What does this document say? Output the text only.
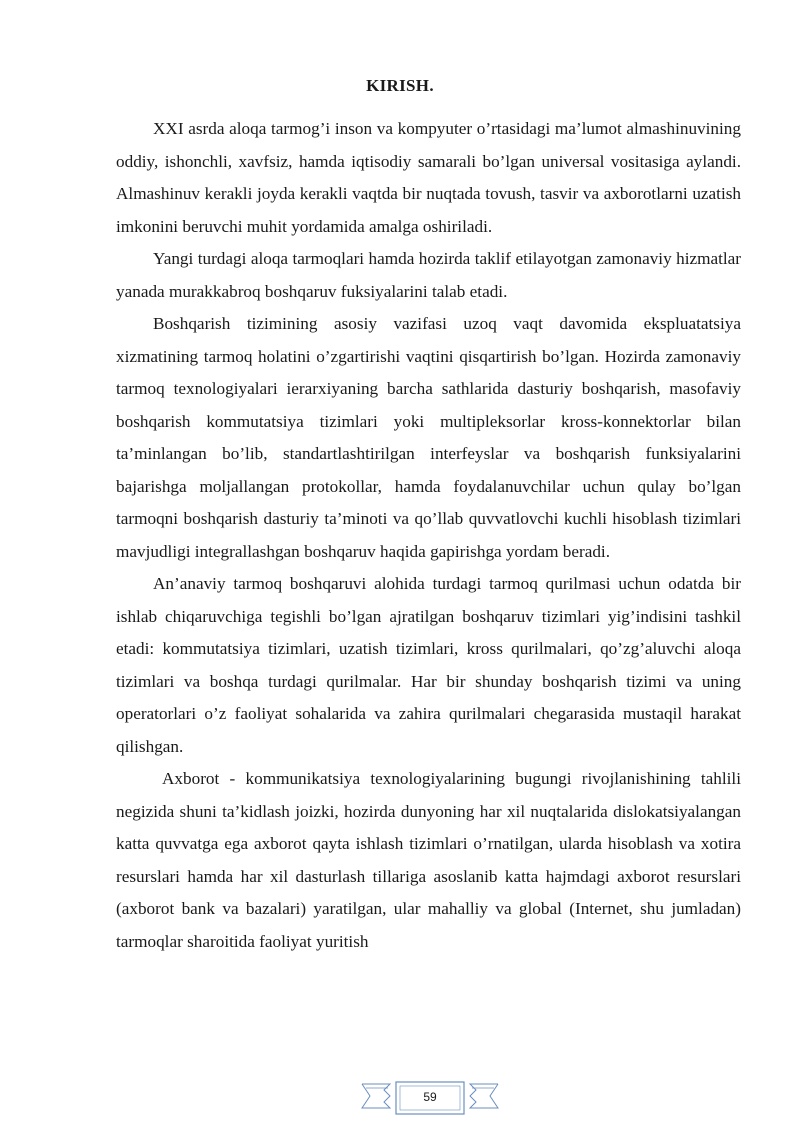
KIRISH.

XXI asrda aloqa tarmog’i inson va kompyuter o’rtasidagi ma’lumot almashinuvining oddiy, ishonchli, xavfsiz, hamda iqtisodiy samarali bo’lgan universal vositasiga aylandi. Almashinuv kerakli joyda kerakli vaqtda bir nuqtada tovush, tasvir va axborotlarni uzatish imkonini beruvchi muhit yordamida amalga oshiriladi.

Yangi turdagi aloqa tarmoqlari hamda hozirda taklif etilayotgan zamonaviy hizmatlar yanada murakkabroq boshqaruv fuksiyalarini talab etadi.

Boshqarish tizimining asosiy vazifasi uzoq vaqt davomida ekspluatatsiya xizmatining tarmoq holatini o’zgartirishi vaqtini qisqartirish bo’lgan. Hozirda zamonaviy tarmoq texnologiyalari ierarxiyaning barcha sathlarida dasturiy boshqarish, masofaviy boshqarish kommutatsiya tizimlari yoki multipleksorlar kross-konnektorlar bilan ta’minlangan bo’lib, standartlashtirilgan interfeyslar va boshqarish funksiyalarini bajarishga moljallangan protokollar, hamda foydalanuvchilar uchun qulay bo’lgan tarmoqni boshqarish dasturiy ta’minoti va qo’llab quvvatlovchi kuchli hisoblash tizimlari mavjudligi integrallashgan boshqaruv haqida gapirishga yordam beradi.

An’anaviy tarmoq boshqaruvi alohida turdagi tarmoq qurilmasi uchun odatda bir ishlab chiqaruvchiga tegishli bo’lgan ajratilgan boshqaruv tizimlari yig’indisini tashkil etadi: kommutatsiya tizimlari, uzatish tizimlari, kross qurilmalari, qo’zg’aluvchi aloqa tizimlari va boshqa turdagi qurilmalar. Har bir shunday boshqarish tizimi va uning operatorlari o’z faoliyat sohalarida va zahira qurilmalari chegarasida mustaqil harakat qilishgan.

Axborot - kommunikatsiya texnologiyalarining bugungi rivojlanishining tahlili negizida shuni ta’kidlash joizki, hozirda dunyoning har xil nuqtalarida dislokatsiyalangan katta quvvatga ega axborot qayta ishlash tizimlari o’rnatilgan, ularda hisoblash va xotira resurslari hamda har xil dasturlash tillariga asoslanib katta hajmdagi axborot resurslari (axborot bank va bazalari) yaratilgan, ular mahalliy va global (Internet, shu jumladan) tarmoqlar sharoitida faoliyat yuritish

59
